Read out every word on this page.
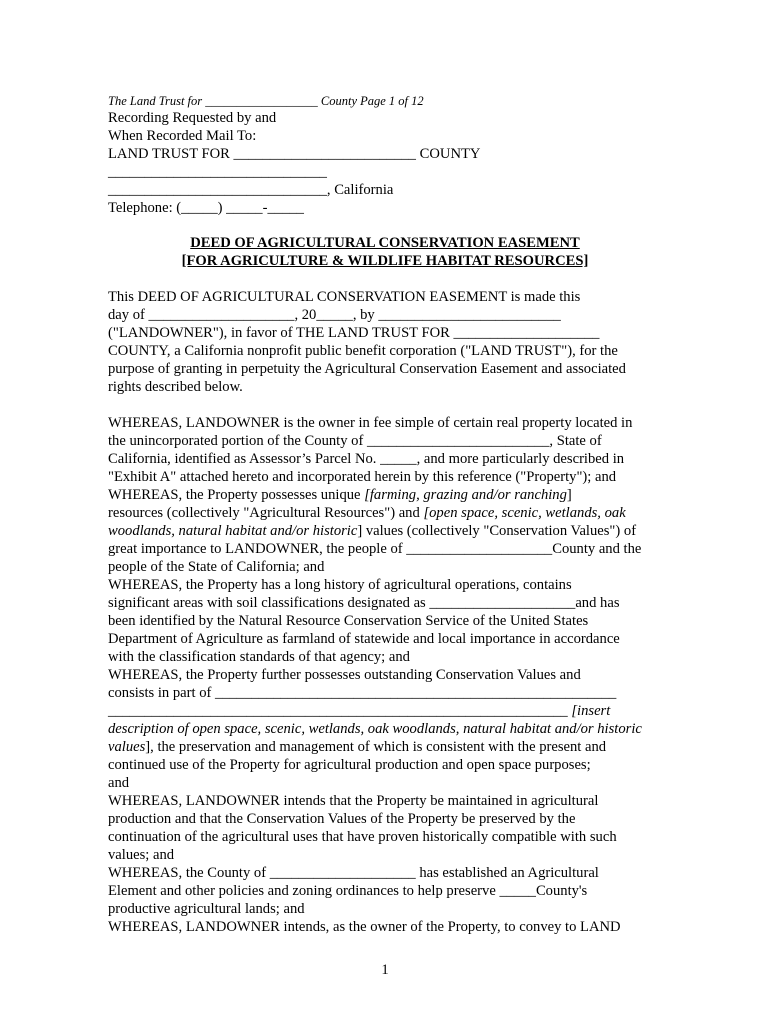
The Land Trust for __________________ County Page 1 of 12
Recording Requested by and
When Recorded Mail To:
LAND TRUST FOR _________________________ COUNTY
______________________________
______________________________, California
Telephone: (_____) _____-_____
DEED OF AGRICULTURAL CONSERVATION EASEMENT
[FOR AGRICULTURE & WILDLIFE HABITAT RESOURCES]
This DEED OF AGRICULTURAL CONSERVATION EASEMENT is made this
day of ____________________, 20_____, by _________________________
("LANDOWNER"), in favor of THE LAND TRUST FOR ____________________
COUNTY, a California nonprofit public benefit corporation ("LAND TRUST"), for the
purpose of granting in perpetuity the Agricultural Conservation Easement and associated
rights described below.
WHEREAS, LANDOWNER is the owner in fee simple of certain real property located in
the unincorporated portion of the County of _________________________, State of
California, identified as Assessor’s Parcel No. _____, and more particularly described in
"Exhibit A" attached hereto and incorporated herein by this reference ("Property"); and
WHEREAS, the Property possesses unique [farming, grazing and/or ranching]
resources (collectively "Agricultural Resources") and [open space, scenic, wetlands, oak
woodlands, natural habitat and/or historic] values (collectively "Conservation Values") of
great importance to LANDOWNER, the people of ____________________County and the
people of the State of California; and
WHEREAS, the Property has a long history of agricultural operations, contains
significant areas with soil classifications designated as ____________________and has
been identified by the Natural Resource Conservation Service of the United States
Department of Agriculture as farmland of statewide and local importance in accordance
with the classification standards of that agency; and
WHEREAS, the Property further possesses outstanding Conservation Values and
consists in part of _______________________________________________________
_______________________________________________________________ [insert
description of open space, scenic, wetlands, oak woodlands, natural habitat and/or historic
values], the preservation and management of which is consistent with the present and
continued use of the Property for agricultural production and open space purposes;
and
WHEREAS, LANDOWNER intends that the Property be maintained in agricultural
production and that the Conservation Values of the Property be preserved by the
continuation of the agricultural uses that have proven historically compatible with such
values; and
WHEREAS, the County of ____________________ has established an Agricultural
Element and other policies and zoning ordinances to help preserve _____County's
productive agricultural lands; and
WHEREAS, LANDOWNER intends, as the owner of the Property, to convey to LAND
1
